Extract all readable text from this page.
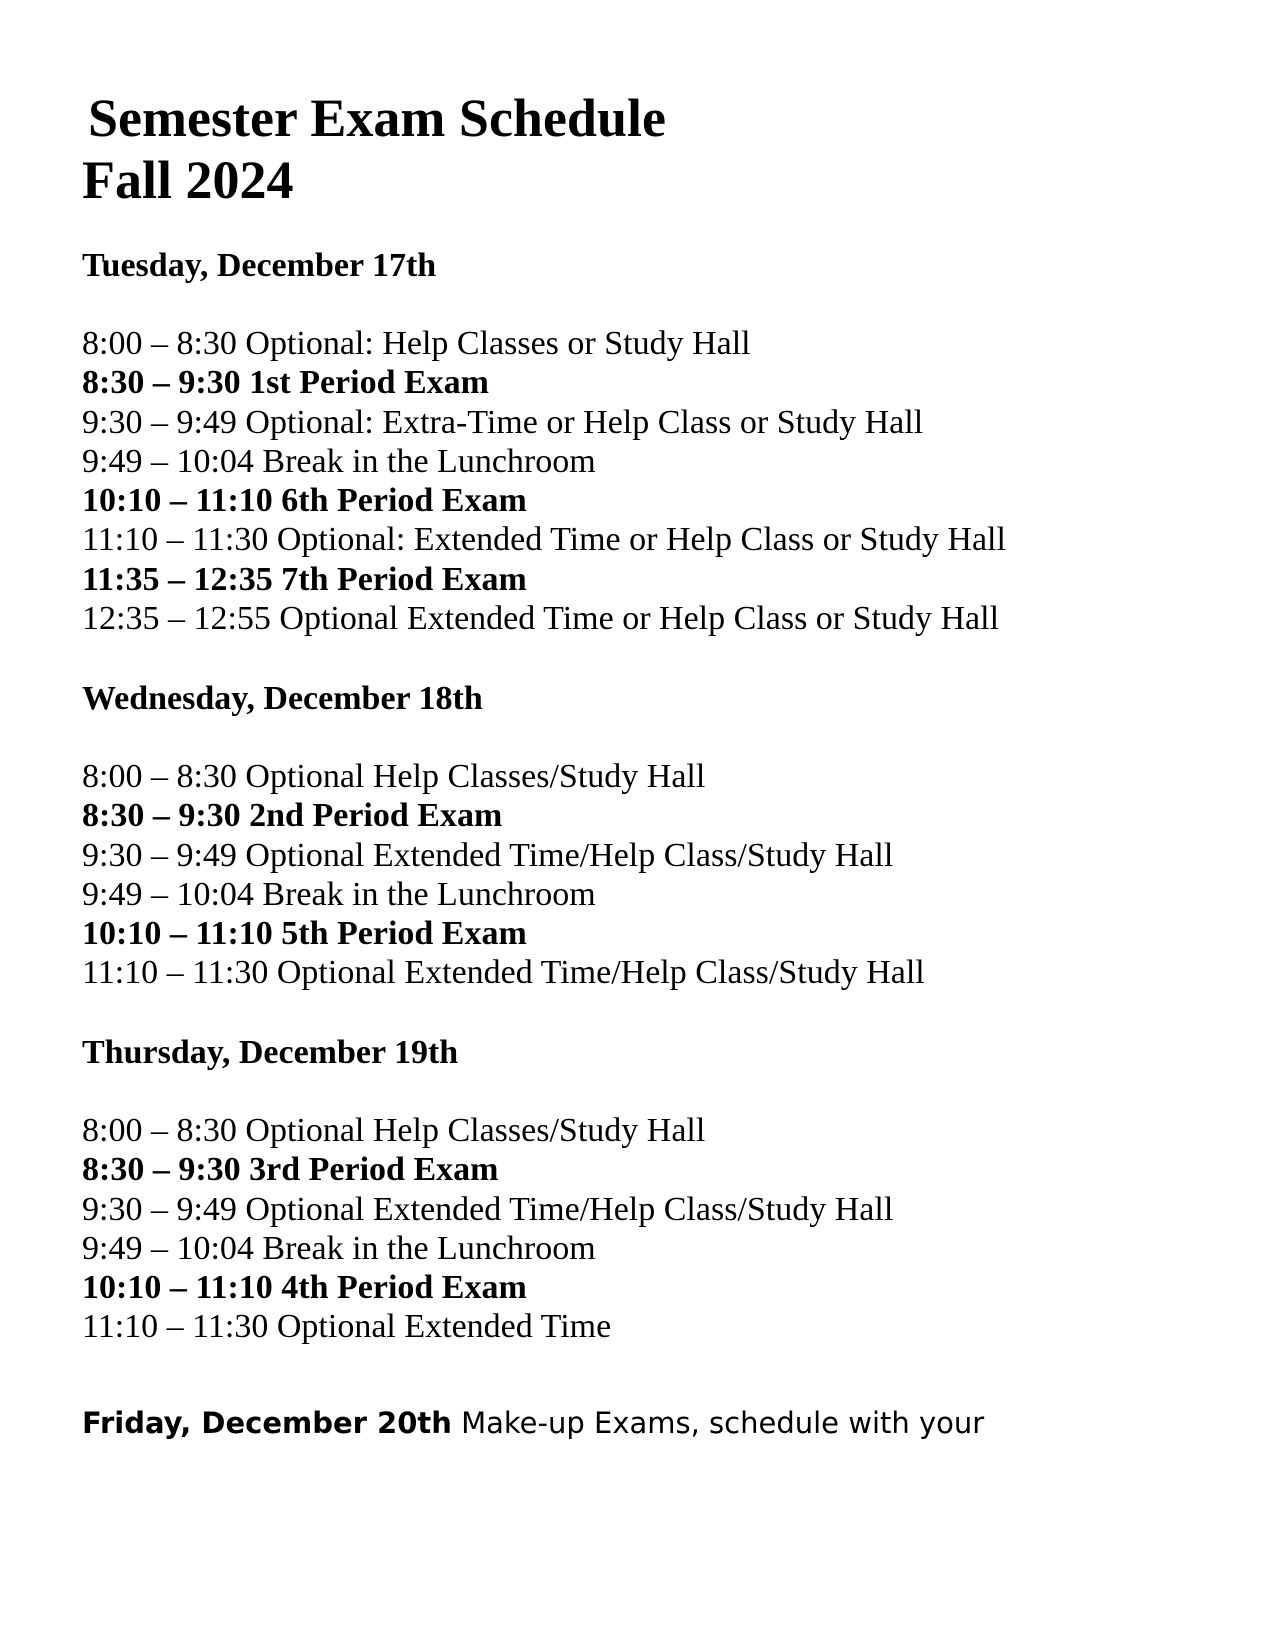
Semester Exam Schedule
Fall 2024
Tuesday, December 17th
8:00 – 8:30 Optional: Help Classes or Study Hall
8:30 – 9:30 1st Period Exam
9:30 – 9:49 Optional: Extra-Time or Help Class or Study Hall
9:49 – 10:04 Break in the Lunchroom
10:10 – 11:10 6th Period Exam
11:10 – 11:30 Optional: Extended Time or Help Class or Study Hall
11:35 – 12:35 7th Period Exam
12:35 – 12:55 Optional Extended Time or Help Class or Study Hall
Wednesday, December 18th
8:00 – 8:30 Optional Help Classes/Study Hall
8:30 – 9:30 2nd Period Exam
9:30 – 9:49 Optional Extended Time/Help Class/Study Hall
9:49 – 10:04 Break in the Lunchroom
10:10 – 11:10 5th Period Exam
11:10 – 11:30 Optional Extended Time/Help Class/Study Hall
Thursday, December 19th
8:00 – 8:30 Optional Help Classes/Study Hall
8:30 – 9:30 3rd Period Exam
9:30 – 9:49 Optional Extended Time/Help Class/Study Hall
9:49 – 10:04 Break in the Lunchroom
10:10 – 11:10 4th Period Exam
11:10 – 11:30 Optional Extended Time

Friday, December 20th Make-up Exams, schedule with your
